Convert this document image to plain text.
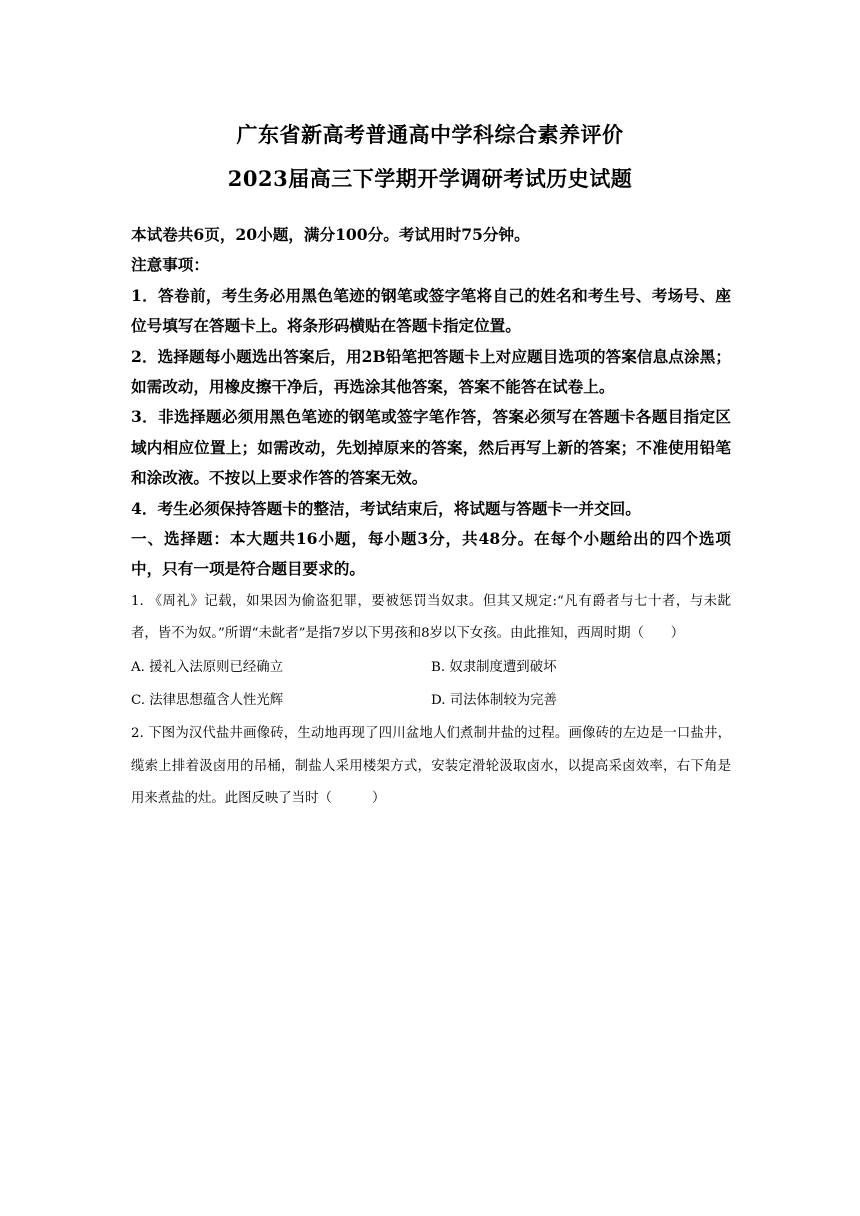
广东省新高考普通高中学科综合素养评价
2023届高三下学期开学调研考试历史试题
本试卷共6页，20小题，满分100分。考试用时75分钟。
注意事项：
1．答卷前，考生务必用黑色笔迹的钢笔或签字笔将自己的姓名和考生号、考场号、座位号填写在答题卡上。将条形码横贴在答题卡指定位置。
2．选择题每小题选出答案后，用2B铅笔把答题卡上对应题目选项的答案信息点涂黑；如需改动，用橡皮擦干净后，再选涂其他答案，答案不能答在试卷上。
3．非选择题必须用黑色笔迹的钢笔或签字笔作答，答案必须写在答题卡各题目指定区域内相应位置上；如需改动，先划掉原来的答案，然后再写上新的答案；不准使用铅笔和涂改液。不按以上要求作答的答案无效。
4．考生必须保持答题卡的整洁，考试结束后，将试题与答题卡一并交回。
一、选择题：本大题共16小题，每小题3分，共48分。在每个小题给出的四个选项中，只有一项是符合题目要求的。
1. 《周礼》记载，如果因为偷盗犯罪，要被惩罚当奴隶。但其又规定:“凡有爵者与七十者，与未龀者，皆不为奴。”所谓“未龀者”是指7岁以下男孩和8岁以下女孩。由此推知，西周时期（　　）
A. 援礼入法原则已经确立	B. 奴隶制度遭到破坏
C. 法律思想蕴含人性光辉	D. 司法体制较为完善
2. 下图为汉代盐井画像砖，生动地再现了四川盆地人们煮制井盐的过程。画像砖的左边是一口盐井，缆索上排着汲卤用的吊桶，制盐人采用楼架方式，安装定滑轮汲取卤水，以提高采卤效率，右下角是用来煮盐的灶。此图反映了当时（　　　）
